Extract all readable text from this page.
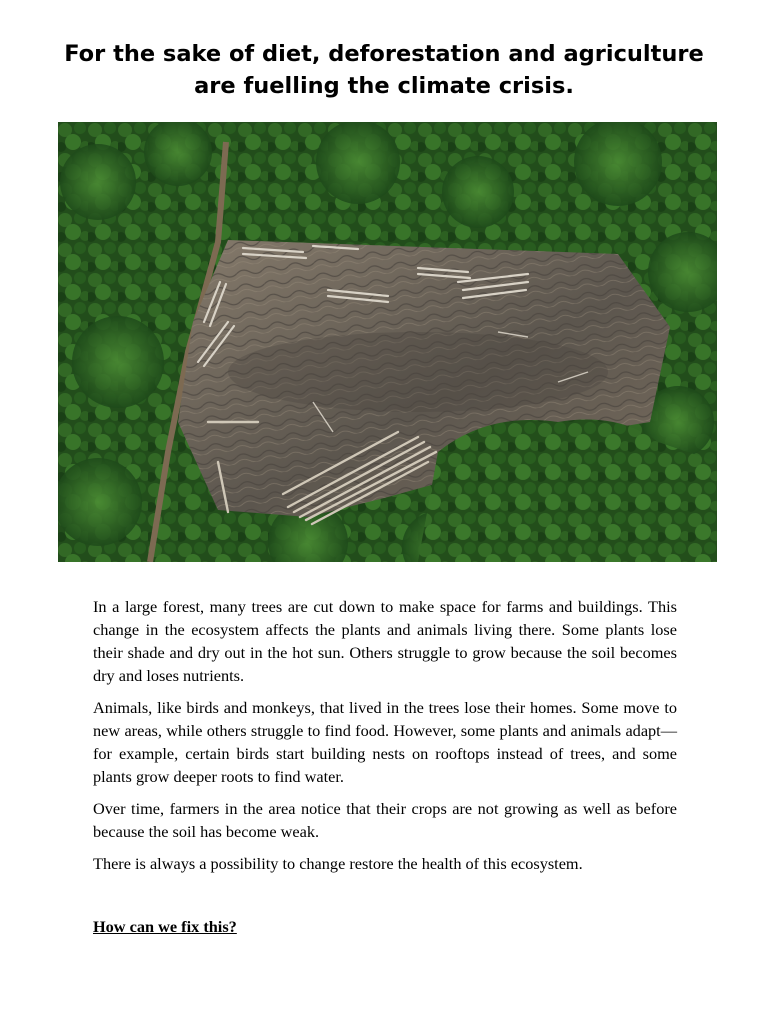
For the sake of diet, deforestation and agriculture are fuelling the climate crisis.

In a large forest, many trees are cut down to make space for farms and buildings. This change in the ecosystem affects the plants and animals living there. Some plants lose their shade and dry out in the hot sun. Others struggle to grow because the soil becomes dry and loses nutrients.

Animals, like birds and monkeys, that lived in the trees lose their homes. Some move to new areas, while others struggle to find food. However, some plants and animals adapt—for example, certain birds start building nests on rooftops instead of trees, and some plants grow deeper roots to find water.

Over time, farmers in the area notice that their crops are not growing as well as before because the soil has become weak.

There is always a possibility to change restore the health of this ecosystem.

How can we fix this?
